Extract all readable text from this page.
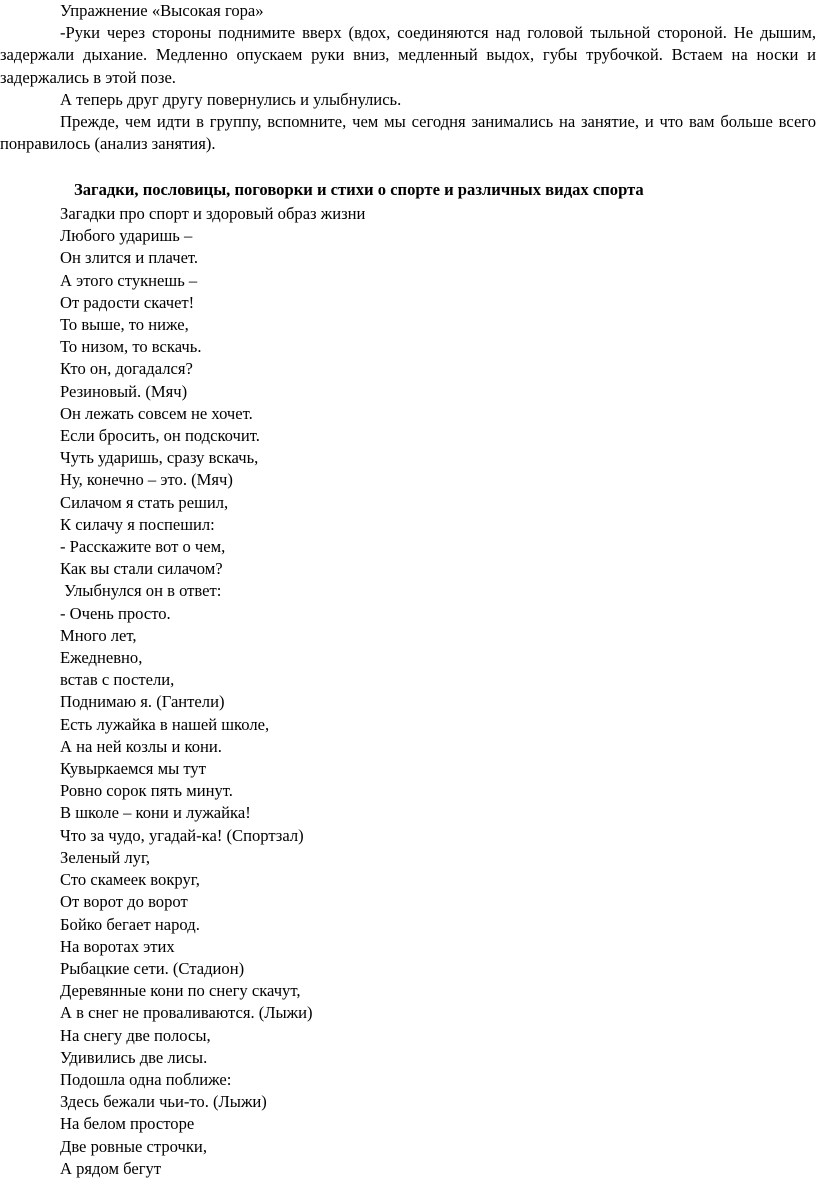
Упражнение «Высокая гора»

-Руки через стороны поднимите вверх (вдох, соединяются над головой тыльной стороной. Не дышим, задержали дыхание. Медленно опускаем руки вниз, медленный выдох, губы трубочкой. Встаем на носки и задержались в этой позе.

А теперь друг другу повернулись и улыбнулись.

Прежде, чем идти в группу, вспомните, чем мы сегодня занимались на занятие, и что вам больше всего понравилось (анализ занятия).

Загадки, пословицы, поговорки и стихи о спорте и различных видах спорта

Загадки про спорт и здоровый образ жизни
Любого ударишь –
Он злится и плачет.
А этого стукнешь –
От радости скачет!
То выше, то ниже,
То низом, то вскачь.
Кто он, догадался?
Резиновый. (Мяч)
Он лежать совсем не хочет.
Если бросить, он подскочит.
Чуть ударишь, сразу вскачь,
Ну, конечно – это. (Мяч)
Силачом я стать решил,
К силачу я поспешил:
- Расскажите вот о чем,
Как вы стали силачом?
Улыбнулся он в ответ:
- Очень просто.
Много лет,
Ежедневно,
встав с постели,
Поднимаю я. (Гантели)
Есть лужайка в нашей школе,
А на ней козлы и кони.
Кувыркаемся мы тут
Ровно сорок пять минут.
В школе – кони и лужайка!
Что за чудо, угадай-ка! (Спортзал)
Зеленый луг,
Сто скамеек вокруг,
От ворот до ворот
Бойко бегает народ.
На воротах этих
Рыбацкие сети. (Стадион)
Деревянные кони по снегу скачут,
А в снег не проваливаются. (Лыжи)
На снегу две полосы,
Удивились две лисы.
Подошла одна поближе:
Здесь бежали чьи-то. (Лыжи)
На белом просторе
Две ровные строчки,
А рядом бегут
